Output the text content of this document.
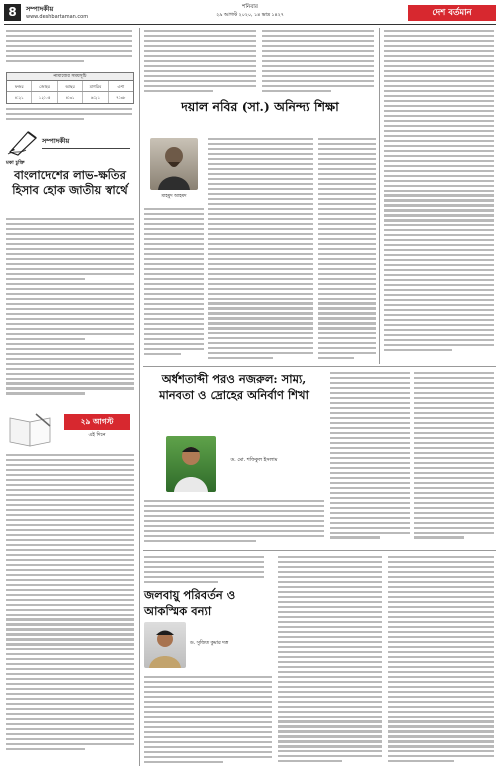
8	সম্পাদকীয়
www.deshbartaman.com
শনিবার
২৯ আগস্ট ২০২০, ১৪ ভাদ্র ১৪২৭	দেশ বর্তমান
নামাজের সময়সূচি
ফজর	জোহর	আছর	মাগরিব	এশা
৪:২১	১২:০৫	৪:৩১	৬:২১	৭:৩৮
সম্পাদকীয়
মকা চুক্তি
বাংলাদেশের লাভ-ক্ষতির হিসাব হোক জাতীয় স্বার্থে
২৯ আগস্ট
এই দিনে
দয়াল নবির (সা.) অনিন্দ্য শিক্ষা
মাহমুদ আহমদ
অর্ধশতাব্দী পরও নজরুল: সাম্য, মানবতা ও দ্রোহের অনির্বাণ শিখা
ড. মো. শফিকুল ইসলাম
জলবায়ু পরিবর্তন ও আকস্মিক বন্যা
ড. সুজিত কুমার দত্ত
